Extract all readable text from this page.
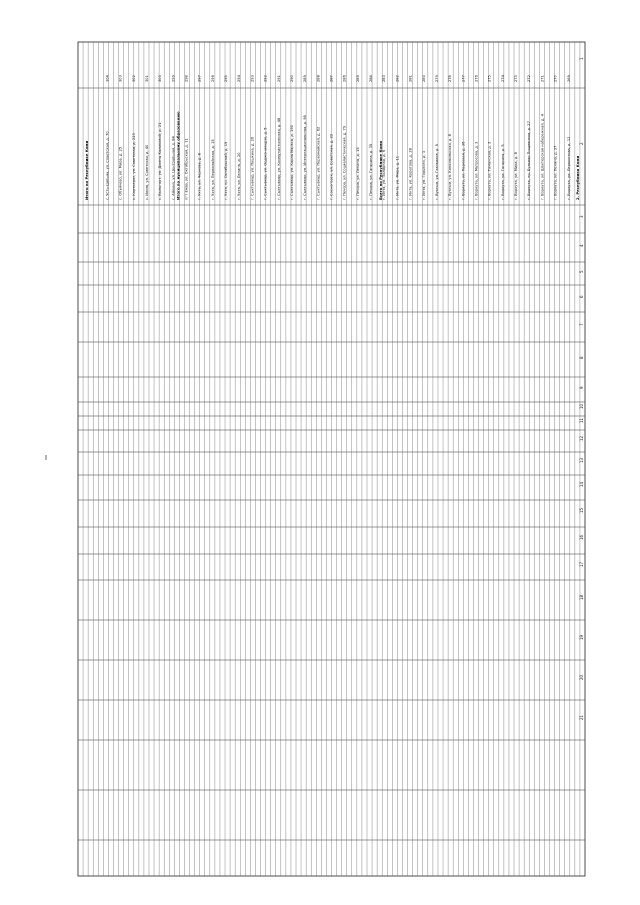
1
2
3
4
5
6
7
8
9
10
11
12
13
14
15
16
17
18
19
20
21
269
г. Воркута, ул. Лермонтова, д. 12
270
г. Воркута, ул. Ленина, д. 37
271
г. Воркута, ул. Шахтерская набережная, д. 4
272
г. Воркута, пр. Бульвар Пищевиков, д. 27
273
г. Воркута, ул. Мира, д. 8
274
г. Воркута, ул. Гагарина, д. 5
275
г. Воркута, ул. Тиманская, д. 3
276
г. Воркута, ул. Матросова, д. 3
277
г. Воркута, ул. Парковая, д. 36
278
г. Вуктыл, ул. Комсомольская, д. 8
279
г. Вуктыл, ул. Газовиков, д. 5
280
г. Инта, ул. Горького, д. 3
281
г. Инта, ул. Куратова, д. 28
282
г. Инта, ул. Мира, д. 11
283
г. Инта, ул. Полярная, д. 6
284
г. Печора, ул. Гагарина, д. 35
285
г. Печора, ул. Ленина, д. 15
286
г. Печора, ул. Социалистическая, д. 79
287
г. Сосногорск, ул. Советская, д. 22
288
г. Сыктывкар, ул. Первомайская, д. 62
289
г. Сыктывкар, ул. Интернациональная, д. 98
290
г. Сыктывкар, ул. Карла Маркса, д. 190
291
г. Сыктывкар, ул. Коммунистическая, д. 48
292
г. Сыктывкар, ул. Орджоникидзе, д. 5
293
г. Сыктывкар, ул. Пушкина, д. 26
294
г. Ухта, ул. Ленина, д. 20
295
г. Ухта, пр. Октябрьский, д. 19
296
г. Ухта, ул. Первомайская, д. 15
297
г. Ухта, ул. Чернова, д. 8
298
пгт Емва, ул. Октябрьская, д. 11
299
с. Айкино, ул. Центральная, д. 84
300
с. Выльгорт, ул. Домны Каликовой, д. 21
301
с. Ижма, ул. Советская, д. 40
302
с. Корткерос, ул. Советская, д. 223
303
с. Объячево, ул. Мира, д. 25
304
с. Усть-Цильма, ул. Советская, д. 70	2. Республика Коми
Всего по Республике Коми
Итого по муниципальному образованию
Итого по Республике Коми
